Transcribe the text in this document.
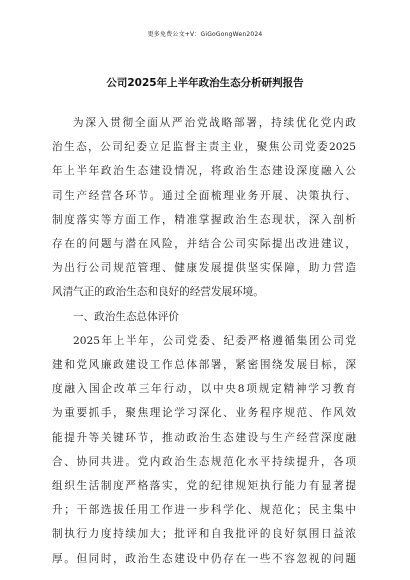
更多免费公文+V：GiGoGongWen2024
公司2025年上半年政治生态分析研判报告
为深入贯彻全面从严治党战略部署，持续优化党内政
治生态，公司纪委立足监督主责主业，聚焦公司党委2025
年上半年政治生态建设情况，将政治生态建设深度融入公
司生产经营各环节。通过全面梳理业务开展、决策执行、
制度落实等方面工作，精准掌握政治生态现状，深入剖析
存在的问题与潜在风险，并结合公司实际提出改进建议，
为出行公司规范管理、健康发展提供坚实保障，助力营造
风清气正的政治生态和良好的经营发展环境。
一、政治生态总体评价
2025年上半年，公司党委、纪委严格遵循集团公司党
建和党风廉政建设工作总体部署，紧密围绕发展目标，深
度融入国企改革三年行动，以中央8项规定精神学习教育
为重要抓手，聚焦理论学习深化、业务程序规范、作风效
能提升等关键环节，推动政治生态建设与生产经营深度融
合、协同共进。党内政治生态规范化水平持续提升，各项
组织生活制度严格落实，党的纪律规矩执行能力有显著提
升；干部选拔任用工作进一步科学化、规范化；民主集中
制执行力度持续加大；批评和自我批评的良好氛围日益浓
厚。但同时，政治生态建设中仍存在一些不容忽视的问题
